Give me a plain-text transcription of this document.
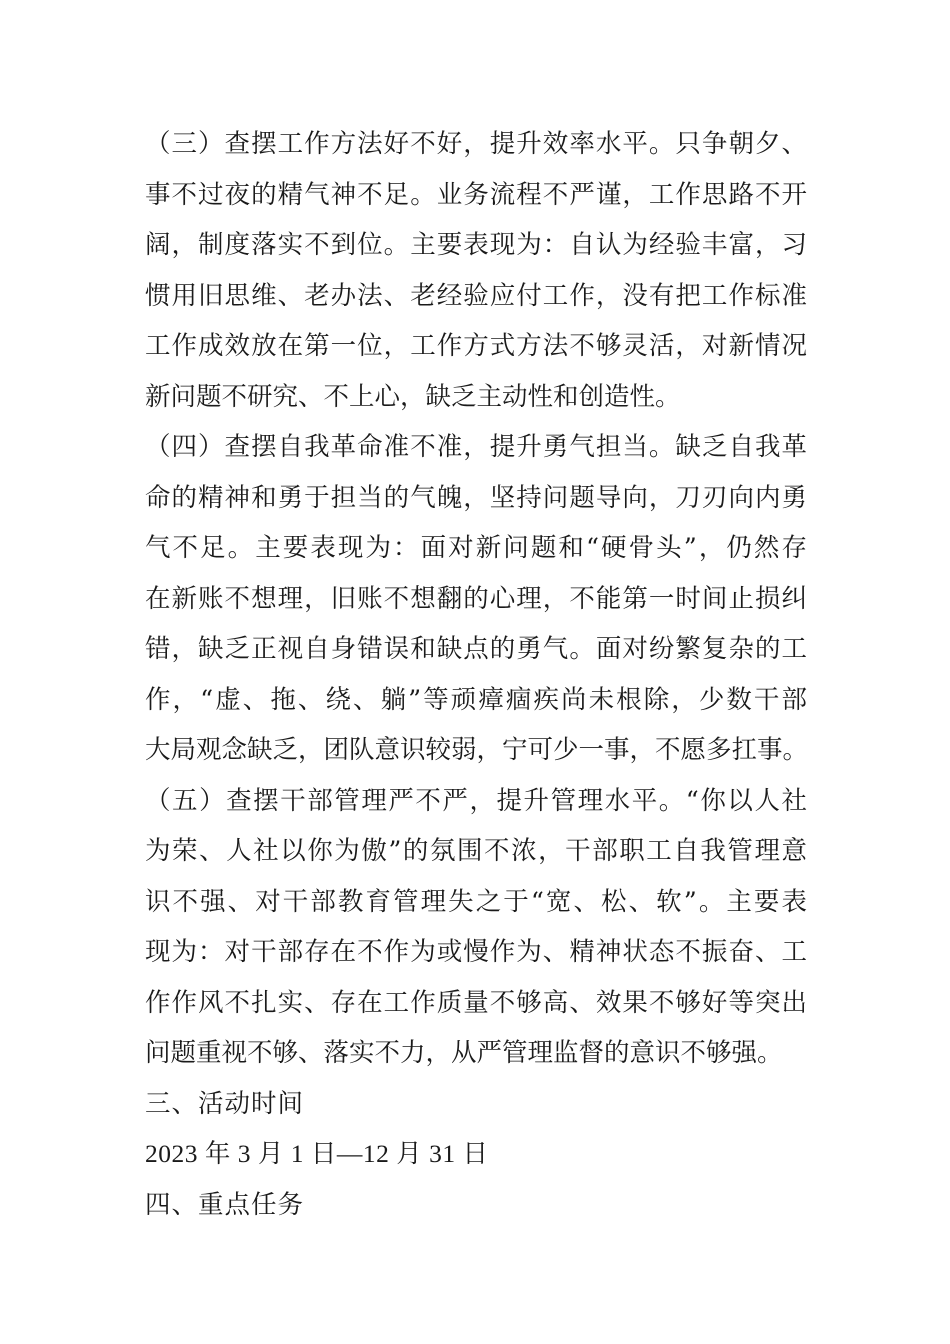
（三）查摆工作方法好不好，提升效率水平。只争朝夕、
事不过夜的精气神不足。业务流程不严谨，工作思路不开
阔，制度落实不到位。主要表现为：自认为经验丰富，习
惯用旧思维、老办法、老经验应付工作，没有把工作标准
工作成效放在第一位，工作方式方法不够灵活，对新情况
新问题不研究、不上心，缺乏主动性和创造性。
（四）查摆自我革命准不准，提升勇气担当。缺乏自我革
命的精神和勇于担当的气魄，坚持问题导向，刀刃向内勇
气不足。主要表现为：面对新问题和“硬骨头”，仍然存
在新账不想理，旧账不想翻的心理，不能第一时间止损纠
错，缺乏正视自身错误和缺点的勇气。面对纷繁复杂的工
作，“虚、拖、绕、躺”等顽瘴痼疾尚未根除，少数干部
大局观念缺乏，团队意识较弱，宁可少一事，不愿多扛事。
（五）查摆干部管理严不严，提升管理水平。“你以人社
为荣、人社以你为傲”的氛围不浓，干部职工自我管理意
识不强、对干部教育管理失之于“宽、松、软”。主要表
现为：对干部存在不作为或慢作为、精神状态不振奋、工
作作风不扎实、存在工作质量不够高、效果不够好等突出
问题重视不够、落实不力，从严管理监督的意识不够强。
三、活动时间
2023 年 3 月 1 日—12 月 31 日
四、重点任务
